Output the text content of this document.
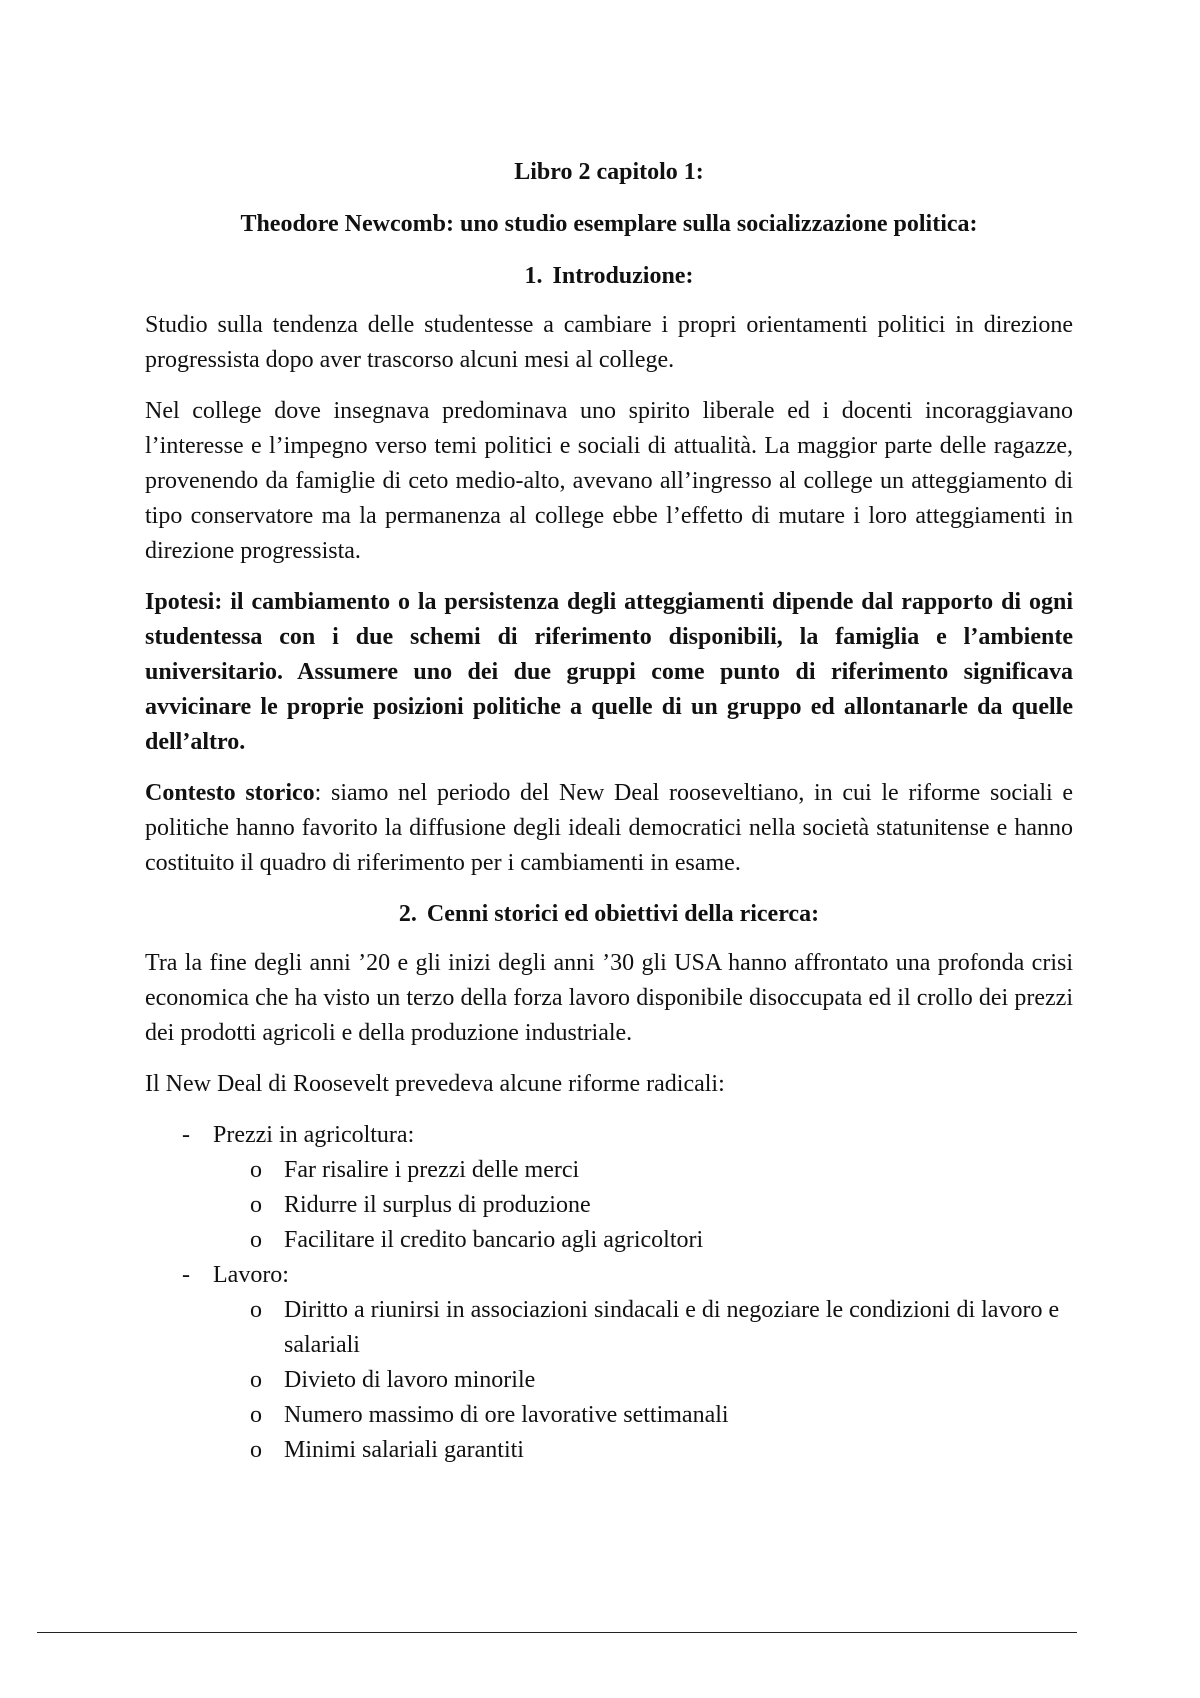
Libro 2 capitolo 1:
Theodore Newcomb: uno studio esemplare sulla socializzazione politica:
1. Introduzione:

Studio sulla tendenza delle studentesse a cambiare i propri orientamenti politici in direzione progressista dopo aver trascorso alcuni mesi al college.

Nel college dove insegnava predominava uno spirito liberale ed i docenti incoraggiavano l’interesse e l’impegno verso temi politici e sociali di attualità. La maggior parte delle ragazze, provenendo da famiglie di ceto medio-alto, avevano all’ingresso al college un atteggiamento di tipo conservatore ma la permanenza al college ebbe l’effetto di mutare i loro atteggiamenti in direzione progressista.

Ipotesi: il cambiamento o la persistenza degli atteggiamenti dipende dal rapporto di ogni studentessa con i due schemi di riferimento disponibili, la famiglia e l’ambiente universitario. Assumere uno dei due gruppi come punto di riferimento significava avvicinare le proprie posizioni politiche a quelle di un gruppo ed allontanarle da quelle dell’altro.

Contesto storico: siamo nel periodo del New Deal rooseveltiano, in cui le riforme sociali e politiche hanno favorito la diffusione degli ideali democratici nella società statunitense e hanno costituito il quadro di riferimento per i cambiamenti in esame.

2. Cenni storici ed obiettivi della ricerca:

Tra la fine degli anni ’20 e gli inizi degli anni ’30 gli USA hanno affrontato una profonda crisi economica che ha visto un terzo della forza lavoro disponibile disoccupata ed il crollo dei prezzi dei prodotti agricoli e della produzione industriale.

Il New Deal di Roosevelt prevedeva alcune riforme radicali:

- Prezzi in agricoltura:
o Far risalire i prezzi delle merci
o Ridurre il surplus di produzione
o Facilitare il credito bancario agli agricoltori
- Lavoro:
o Diritto a riunirsi in associazioni sindacali e di negoziare le condizioni di lavoro e salariali
o Divieto di lavoro minorile
o Numero massimo di ore lavorative settimanali
o Minimi salariali garantiti
